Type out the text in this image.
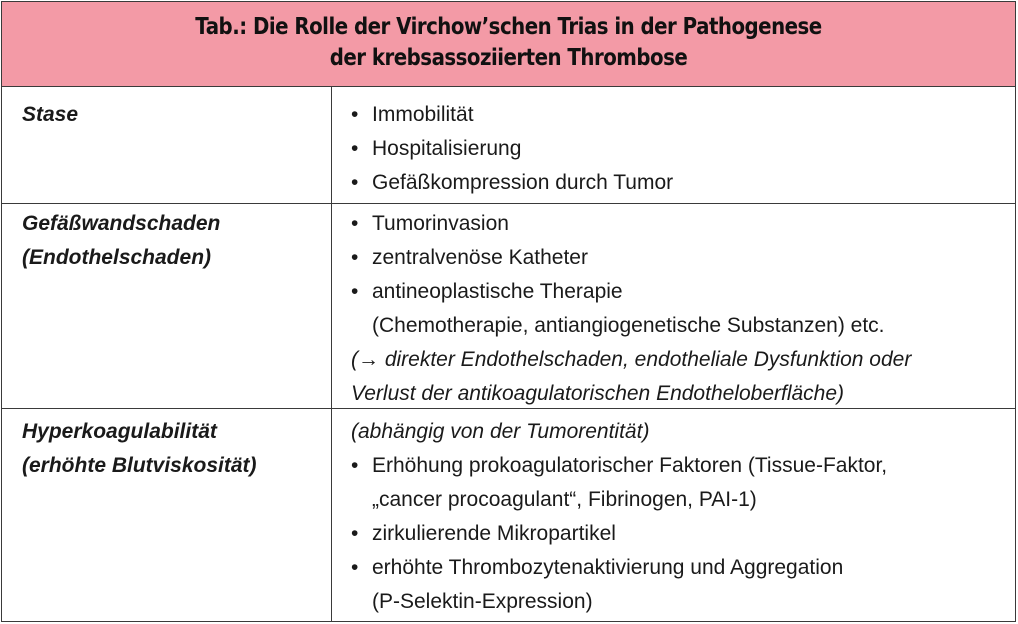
Tab.: Die Rolle der Virchow’schen Trias in der Pathogenese
der krebsassoziierten Thrombose
Stase	• Immobilität
• Hospitalisierung
• Gefäßkompression durch Tumor
Gefäßwandschaden
(Endothelschaden)
• Tumorinvasion
• zentralvenöse Katheter
• antineoplastische Therapie
(Chemotherapie, antiangiogenetische Substanzen) etc.
(→ direkter Endothelschaden, endotheliale Dysfunktion oder
Verlust der antikoagulatorischen Endotheloberfläche)
Hyperkoagulabilität
(erhöhte Blutviskosität)
(abhängig von der Tumorentität)
• Erhöhung prokoagulatorischer Faktoren (Tissue-Faktor,
„cancer procoagulant“, Fibrinogen, PAI-1)
• zirkulierende Mikropartikel
• erhöhte Thrombozytenaktivierung und Aggregation
(P-Selektin-Expression)
